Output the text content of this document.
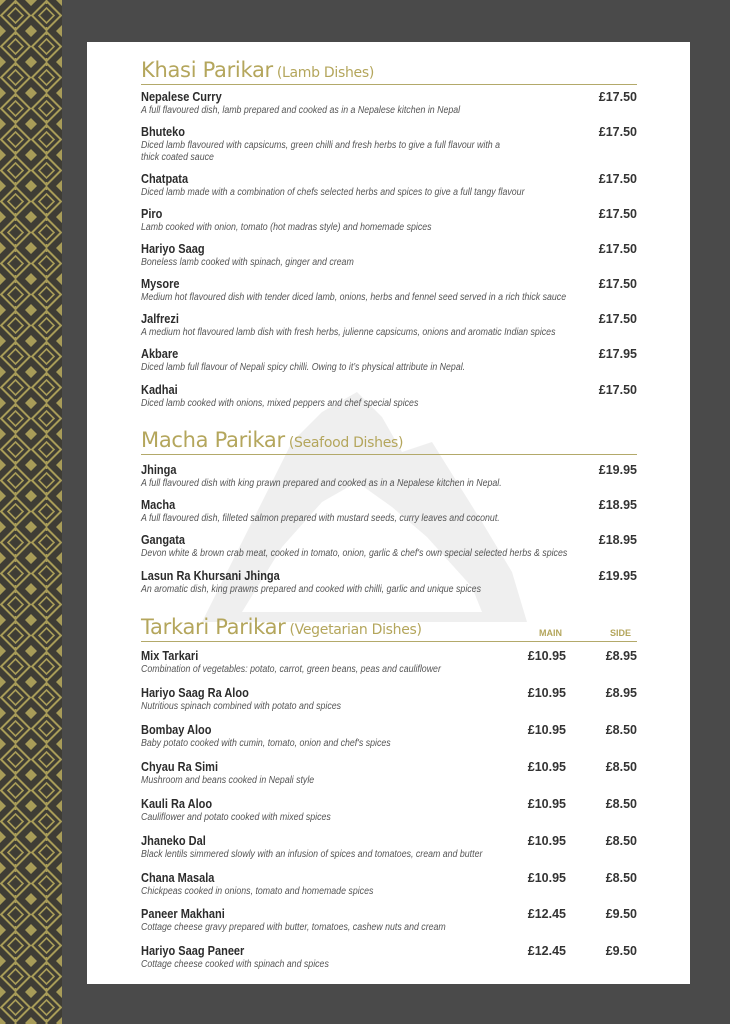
Khasi Parikar (Lamb Dishes)
Nepalese Curry
A full flavoured dish, lamb prepared and cooked as in a Nepalese kitchen in Nepal
£17.50
Bhuteko
Diced lamb flavoured with capsicums, green chilli and fresh herbs to give a full flavour with a thick coated sauce
£17.50
Chatpata
Diced lamb made with a combination of chefs selected herbs and spices to give a full tangy flavour
£17.50
Piro
Lamb cooked with onion, tomato (hot madras style) and homemade spices
£17.50
Hariyo Saag
Boneless lamb cooked with spinach, ginger and cream
£17.50
Mysore
Medium hot flavoured dish with tender diced lamb, onions, herbs and fennel seed served in a rich thick sauce
£17.50
Jalfrezi
A medium hot flavoured lamb dish with fresh herbs, julienne capsicums, onions and aromatic Indian spices
£17.50
Akbare
Diced lamb full flavour of Nepali spicy chilli. Owing to it’s physical attribute in Nepal.
£17.95
Kadhai
Diced lamb cooked with onions, mixed peppers and chef special spices
£17.50
Macha Parikar (Seafood Dishes)
Jhinga
A full flavoured dish with king prawn prepared and cooked as in a Nepalese kitchen in Nepal.
£19.95
Macha
A full flavoured dish, filleted salmon prepared with mustard seeds, curry leaves and coconut.
£18.95
Gangata
Devon white & brown crab meat, cooked in tomato, onion, garlic & chef's own special selected herbs & spices
£18.95
Lasun Ra Khursani Jhinga
An aromatic dish, king prawns prepared and cooked with chilli, garlic and unique spices
£19.95
Tarkari Parikar (Vegetarian Dishes)	MAIN	SIDE
Mix Tarkari
Combination of vegetables: potato, carrot, green beans, peas and cauliflower
£10.95	£8.95
Hariyo Saag Ra Aloo
Nutritious spinach combined with potato and spices
£10.95	£8.95
Bombay Aloo
Baby potato cooked with cumin, tomato, onion and chef's spices
£10.95	£8.50
Chyau Ra Simi
Mushroom and beans cooked in Nepali style
£10.95	£8.50
Kauli Ra Aloo
Cauliflower and potato cooked with mixed spices
£10.95	£8.50
Jhaneko Dal
Black lentils simmered slowly with an infusion of spices and tomatoes, cream and butter
£10.95	£8.50
Chana Masala
Chickpeas cooked in onions, tomato and homemade spices
£10.95	£8.50
Paneer Makhani
Cottage cheese gravy prepared with butter, tomatoes, cashew nuts and cream
£12.45	£9.50
Hariyo Saag Paneer
Cottage cheese cooked with spinach and spices
£12.45	£9.50
